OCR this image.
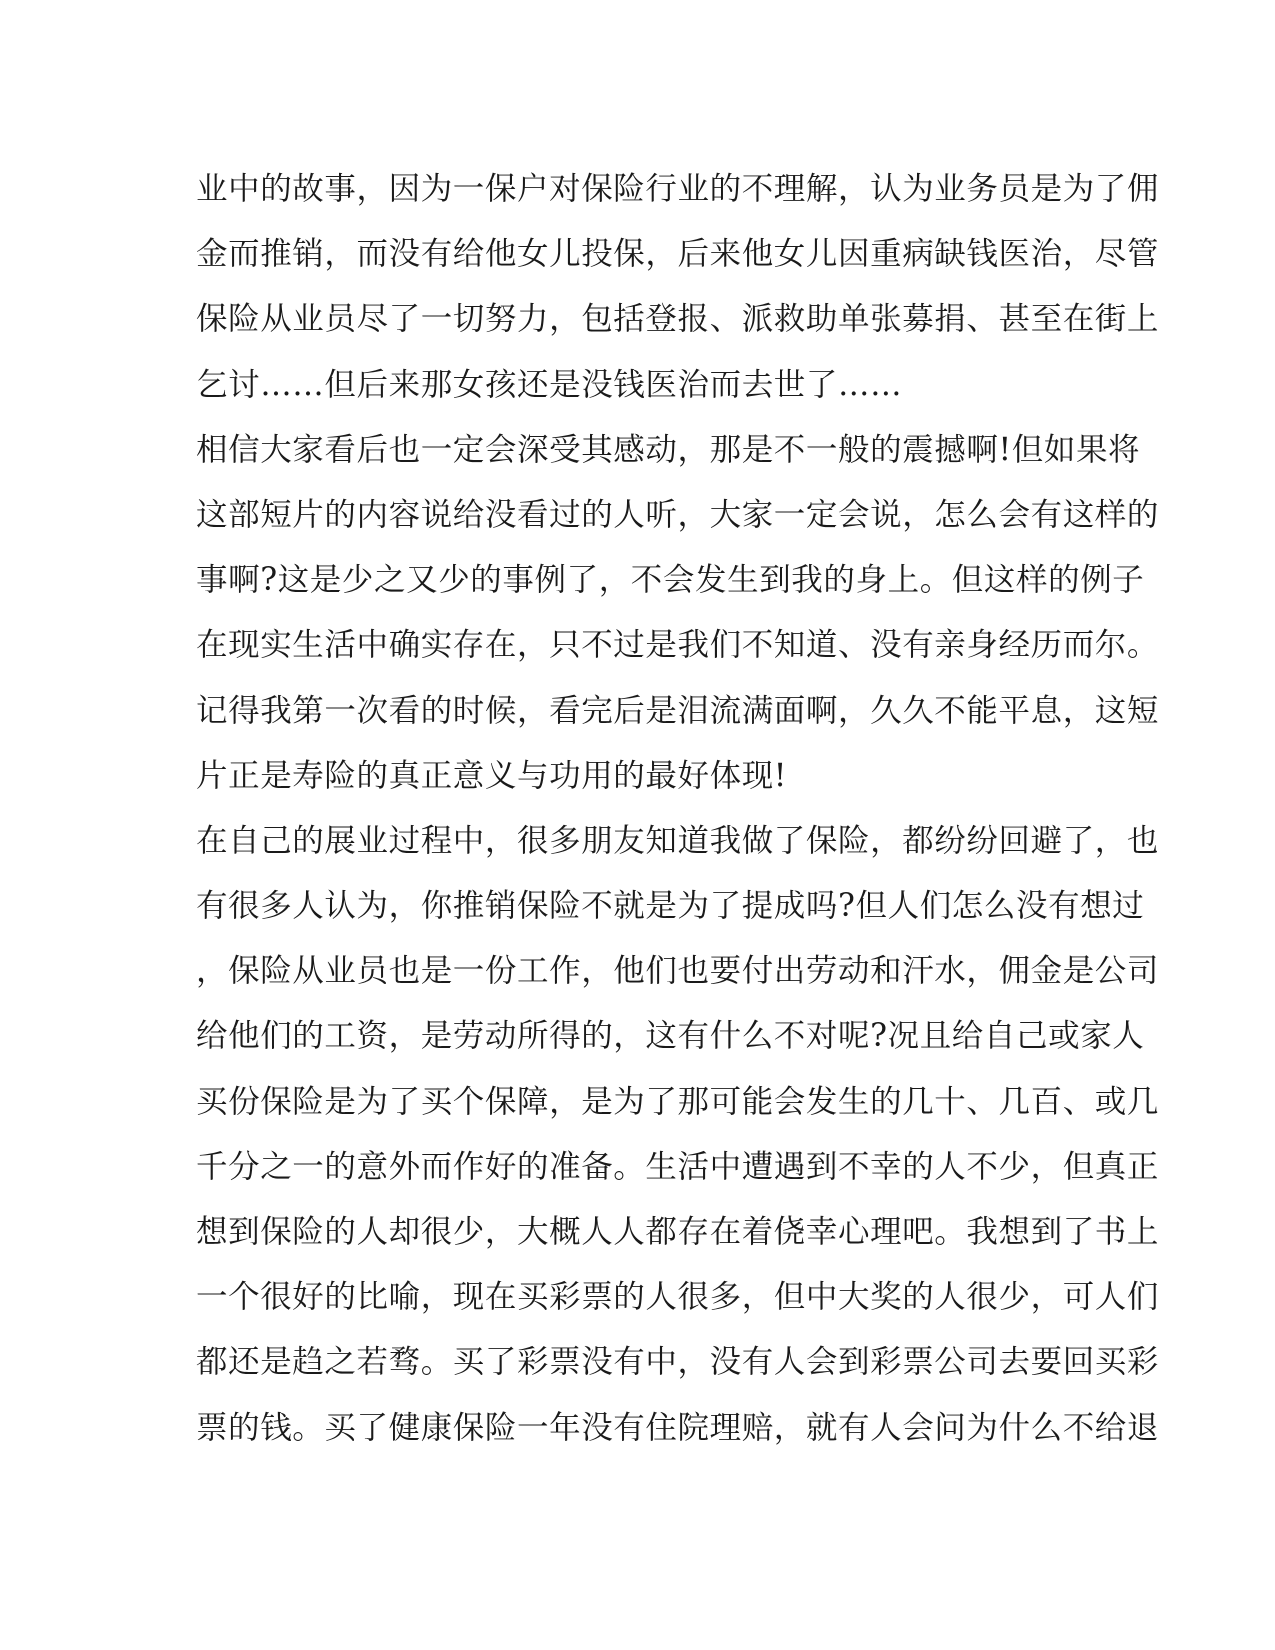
业中的故事，因为一保户对保险行业的不理解，认为业务员是为了佣
金而推销，而没有给他女儿投保，后来他女儿因重病缺钱医治，尽管
保险从业员尽了一切努力，包括登报、派救助单张募捐、甚至在街上
乞讨……但后来那女孩还是没钱医治而去世了……
相信大家看后也一定会深受其感动，那是不一般的震撼啊!但如果将
这部短片的内容说给没看过的人听，大家一定会说，怎么会有这样的
事啊?这是少之又少的事例了，不会发生到我的身上。但这样的例子
在现实生活中确实存在，只不过是我们不知道、没有亲身经历而尔。
记得我第一次看的时候，看完后是泪流满面啊，久久不能平息，这短
片正是寿险的真正意义与功用的最好体现!
在自己的展业过程中，很多朋友知道我做了保险，都纷纷回避了，也
有很多人认为，你推销保险不就是为了提成吗?但人们怎么没有想过
，保险从业员也是一份工作，他们也要付出劳动和汗水，佣金是公司
给他们的工资，是劳动所得的，这有什么不对呢?况且给自己或家人
买份保险是为了买个保障，是为了那可能会发生的几十、几百、或几
千分之一的意外而作好的准备。生活中遭遇到不幸的人不少，但真正
想到保险的人却很少，大概人人都存在着侥幸心理吧。我想到了书上
一个很好的比喻，现在买彩票的人很多，但中大奖的人很少，可人们
都还是趋之若骛。买了彩票没有中，没有人会到彩票公司去要回买彩
票的钱。买了健康保险一年没有住院理赔，就有人会问为什么不给退
